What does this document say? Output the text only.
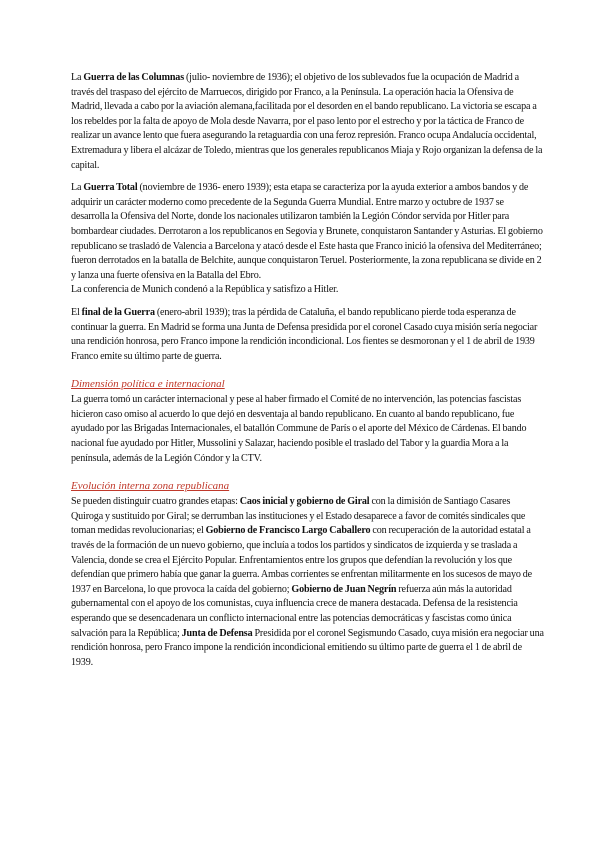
La Guerra de las Columnas (julio- noviembre de 1936); el objetivo de los sublevados fue la ocupación de Madrid a través del traspaso del ejército de Marruecos, dirigido por Franco, a la Península. La operación hacia la Ofensiva de Madrid, llevada a cabo por la aviación alemana,facilitada por el desorden en el bando republicano. La victoria se escapa a los rebeldes por la falta de apoyo de Mola desde Navarra, por el paso lento por el estrecho y por la táctica de Franco de realizar un avance lento que fuera asegurando la retaguardia con una feroz represión. Franco ocupa Andalucía occidental, Extremadura y libera el alcázar de Toledo, mientras que los generales republicanos Miaja y Rojo organizan la defensa de la capital.

La Guerra Total (noviembre de 1936- enero 1939); esta etapa se caracteriza por la ayuda exterior a ambos bandos y de adquirir un carácter moderno como precedente de la Segunda Guerra Mundial. Entre marzo y octubre de 1937 se desarrolla la Ofensiva del Norte, donde los nacionales utilizaron también la Legión Cóndor servida por Hitler para bombardear ciudades. Derrotaron a los republicanos en Segovia y Brunete, conquistaron Santander y Asturias. El gobierno republicano se trasladó de Valencia a Barcelona y atacó desde el Este hasta que Franco inició la ofensiva del Mediterráneo; fueron derrotados en la batalla de Belchite, aunque conquistaron Teruel. Posteriormente, la zona republicana se divide en 2 y lanza una fuerte ofensiva en la Batalla del Ebro.

La conferencia de Munich condenó a la República y satisfizo a Hitler.

El final de la Guerra (enero-abril 1939); tras la pérdida de Cataluña, el bando republicano pierde toda esperanza de continuar la guerra. En Madrid se forma una Junta de Defensa presidida por el coronel Casado cuya misión sería negociar una rendición honrosa, pero Franco impone la rendición incondicional. Los fientes se desmoronan y el 1 de abril de 1939 Franco emite su último parte de guerra.

Dimensión política e internacional

La guerra tomó un carácter internacional y pese al haber firmado el Comité de no intervención, las potencias fascistas hicieron caso omiso al acuerdo lo que dejó en desventaja al bando republicano. En cuanto al bando republicano, fue ayudado por las Brigadas Internacionales, el batallón Commune de París o el aporte del México de Cárdenas. El bando nacional fue ayudado por Hitler, Mussolini y Salazar, haciendo posible el traslado del Tabor y la guardia Mora a la península, además de la Legión Cóndor y la CTV.

Evolución interna zona republicana

Se pueden distinguir cuatro grandes etapas: Caos inicial y gobierno de Giral con la dimisión de Santiago Casares Quiroga y sustituido por Giral; se derrumban las instituciones y el Estado desaparece a favor de comités sindicales que toman medidas revolucionarias; el Gobierno de Francisco Largo Caballero con recuperación de la autoridad estatal a través de la formación de un nuevo gobierno, que incluía a todos los partidos y sindicatos de izquierda y se traslada a Valencia, donde se crea el Ejército Popular. Enfrentamientos entre los grupos que defendían la revolución y los que defendían que primero había que ganar la guerra. Ambas corrientes se enfrentan militarmente en los sucesos de mayo de 1937 en Barcelona, lo que provoca la caída del gobierno; Gobierno de Juan Negrín refuerza aún más la autoridad gubernamental con el apoyo de los comunistas, cuya influencia crece de manera destacada. Defensa de la resistencia esperando que se desencadenara un conflicto internacional entre las potencias democráticas y fascistas como única salvación para la República; Junta de Defensa Presidida por el coronel Segismundo Casado, cuya misión era negociar una rendición honrosa, pero Franco impone la rendición incondicional emitiendo su último parte de guerra el 1 de abril de 1939.
